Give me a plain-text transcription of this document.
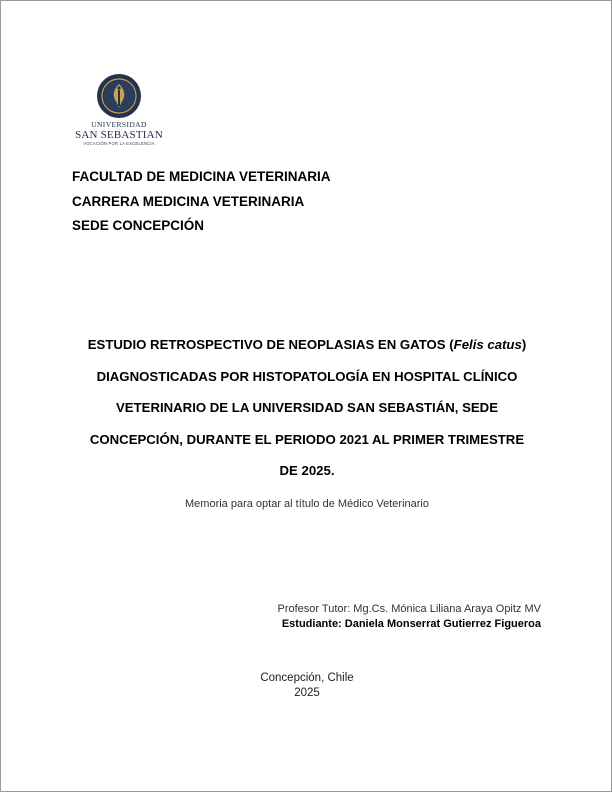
UNIVERSIDAD
SAN SEBASTIAN
VOCACIÓN POR LA EXCELENCIA
FACULTAD DE MEDICINA VETERINARIA
CARRERA MEDICINA VETERINARIA
SEDE CONCEPCIÓN
ESTUDIO RETROSPECTIVO DE NEOPLASIAS EN GATOS (Felis catus)
DIAGNOSTICADAS POR HISTOPATOLOGÍA EN HOSPITAL CLÍNICO
VETERINARIO DE LA UNIVERSIDAD SAN SEBASTIÁN, SEDE
CONCEPCIÓN, DURANTE EL PERIODO 2021 AL PRIMER TRIMESTRE
DE 2025.
Memoria para optar al título de Médico Veterinario
Profesor Tutor: Mg.Cs. Mónica Liliana Araya Opitz MV
Estudiante: Daniela Monserrat Gutierrez Figueroa
Concepción, Chile
2025
